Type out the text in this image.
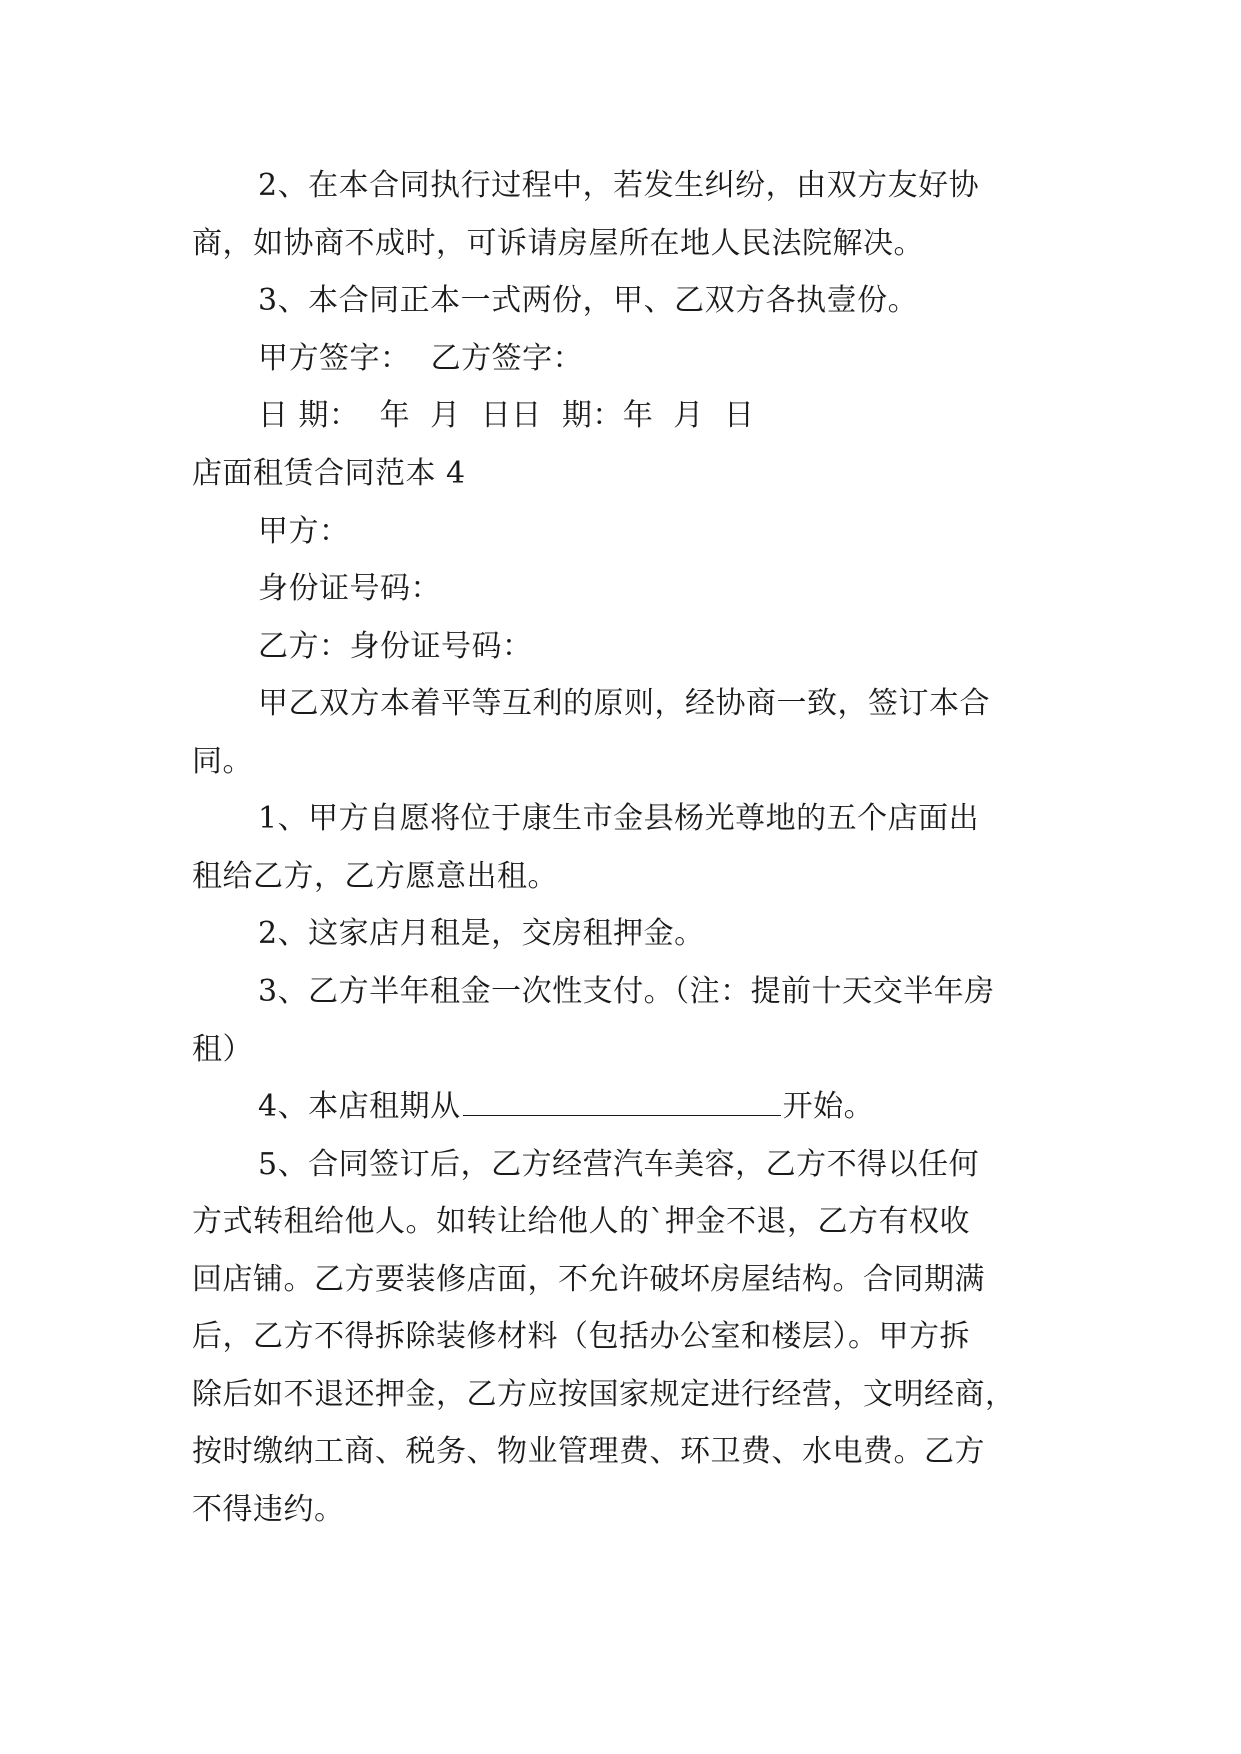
2、在本合同执行过程中，若发生纠纷，由双方友好协
商，如协商不成时，可诉请房屋所在地人民法院解决。
3、本合同正本一式两份，甲、乙双方各执壹份。
甲方签字：  乙方签字：
日 期：  年  月  日日  期：年  月  日
店面租赁合同范本 4
甲方：
身份证号码：
乙方：身份证号码：
甲乙双方本着平等互利的原则，经协商一致，签订本合
同。
1、甲方自愿将位于康生市金县杨光尊地的五个店面出
租给乙方，乙方愿意出租。
2、这家店月租是，交房租押金。
3、乙方半年租金一次性支付。（注：提前十天交半年房
租）
4、本店租期从	开始。
5、合同签订后，乙方经营汽车美容，乙方不得以任何
方式转租给他人。如转让给他人的`押金不退，乙方有权收
回店铺。乙方要装修店面，不允许破坏房屋结构。合同期满
后，乙方不得拆除装修材料（包括办公室和楼层）。甲方拆
除后如不退还押金，乙方应按国家规定进行经营，文明经商，
按时缴纳工商、税务、物业管理费、环卫费、水电费。乙方
不得违约。
